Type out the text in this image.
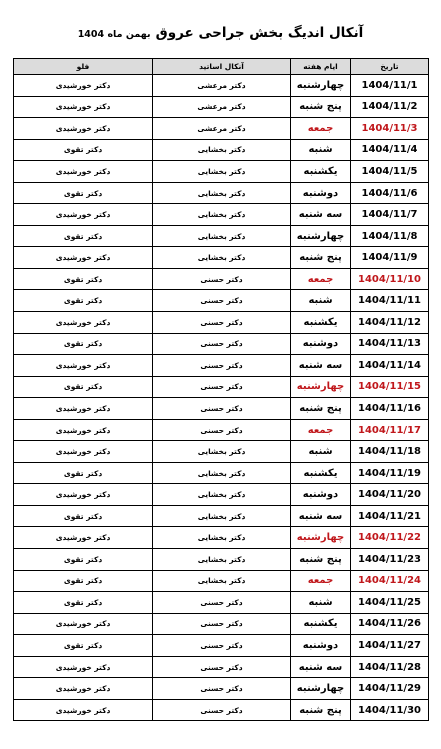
آنکال اندیگ بخش جراحی عروق بهمن ماه 1404
تاریخ	ایام هفته	آنکال اساتید	فلو
1404/11/1	چهارشنبه	دکتر مرعشی	دکتر خورشیدی
1404/11/2	پنج شنبه	دکتر مرعشی	دکتر خورشیدی
1404/11/3	جمعه	دکتر مرعشی	دکتر خورشیدی
1404/11/4	شنبه	دکتر بخشایی	دکتر تقوی
1404/11/5	یکشنبه	دکتر بخشایی	دکتر خورشیدی
1404/11/6	دوشنبه	دکتر بخشایی	دکتر تقوی
1404/11/7	سه شنبه	دکتر بخشایی	دکتر خورشیدی
1404/11/8	چهارشنبه	دکتر بخشایی	دکتر تقوی
1404/11/9	پنج شنبه	دکتر بخشایی	دکتر خورشیدی
1404/11/10	جمعه	دکتر حسنی	دکتر تقوی
1404/11/11	شنبه	دکتر حسنی	دکتر تقوی
1404/11/12	یکشنبه	دکتر حسنی	دکتر خورشیدی
1404/11/13	دوشنبه	دکتر حسنی	دکتر تقوی
1404/11/14	سه شنبه	دکتر حسنی	دکتر خورشیدی
1404/11/15	چهارشنبه	دکتر حسنی	دکتر تقوی
1404/11/16	پنج شنبه	دکتر حسنی	دکتر خورشیدی
1404/11/17	جمعه	دکتر حسنی	دکتر خورشیدی
1404/11/18	شنبه	دکتر بخشایی	دکتر خورشیدی
1404/11/19	یکشنبه	دکتر بخشایی	دکتر تقوی
1404/11/20	دوشنبه	دکتر بخشایی	دکتر خورشیدی
1404/11/21	سه شنبه	دکتر بخشایی	دکتر تقوی
1404/11/22	چهارشنبه	دکتر بخشایی	دکتر خورشیدی
1404/11/23	پنج شنبه	دکتر بخشایی	دکتر تقوی
1404/11/24	جمعه	دکتر بخشایی	دکتر تقوی
1404/11/25	شنبه	دکتر حسنی	دکتر تقوی
1404/11/26	یکشنبه	دکتر حسنی	دکتر خورشیدی
1404/11/27	دوشنبه	دکتر حسنی	دکتر تقوی
1404/11/28	سه شنبه	دکتر حسنی	دکتر خورشیدی
1404/11/29	چهارشنبه	دکتر حسنی	دکتر خورشیدی
1404/11/30	پنج شنبه	دکتر حسنی	دکتر خورشیدی
